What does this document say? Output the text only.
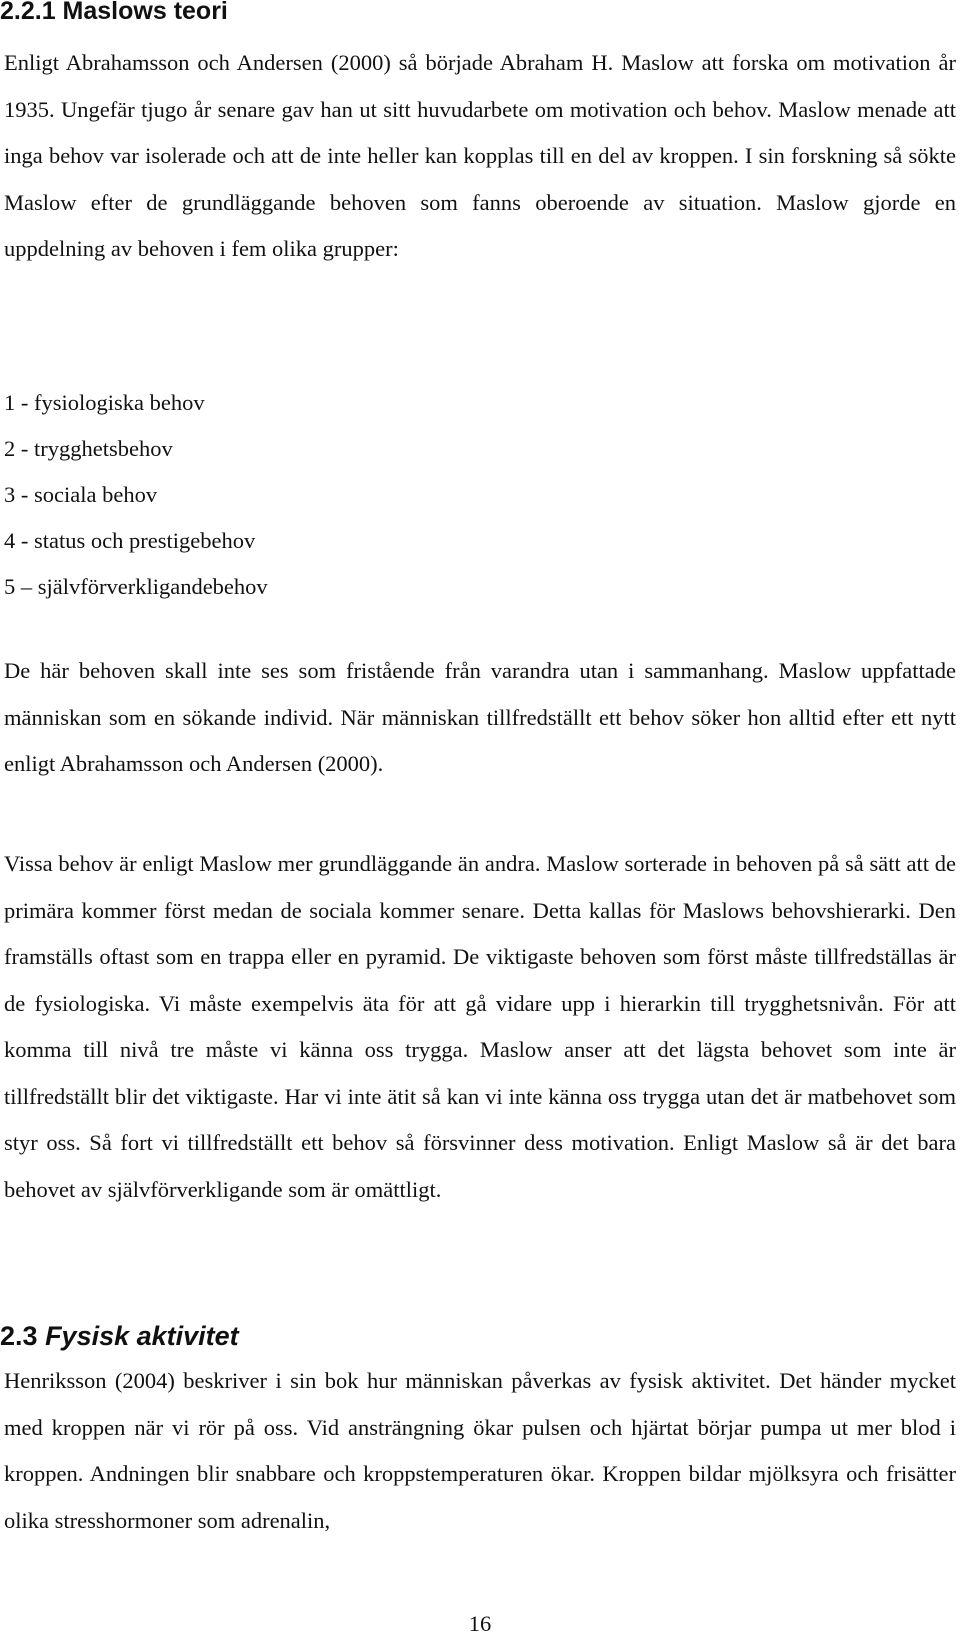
2.2.1 Maslows teori

Enligt Abrahamsson och Andersen (2000) så började Abraham H. Maslow att forska om motivation år 1935. Ungefär tjugo år senare gav han ut sitt huvudarbete om motivation och behov. Maslow menade att inga behov var isolerade och att de inte heller kan kopplas till en del av kroppen. I sin forskning så sökte Maslow efter de grundläggande behoven som fanns oberoende av situation. Maslow gjorde en uppdelning av behoven i fem olika grupper:

1 - fysiologiska behov
2 - trygghetsbehov
3 - sociala behov
4 - status och prestigebehov
5 – självförverkligandebehov

De här behoven skall inte ses som fristående från varandra utan i sammanhang. Maslow uppfattade människan som en sökande individ. När människan tillfredställt ett behov söker hon alltid efter ett nytt enligt Abrahamsson och Andersen (2000).

Vissa behov är enligt Maslow mer grundläggande än andra. Maslow sorterade in behoven på så sätt att de primära kommer först medan de sociala kommer senare. Detta kallas för Maslows behovshierarki. Den framställs oftast som en trappa eller en pyramid. De viktigaste behoven som först måste tillfredställas är de fysiologiska. Vi måste exempelvis äta för att gå vidare upp i hierarkin till trygghetsnivån. För att komma till nivå tre måste vi känna oss trygga. Maslow anser att det lägsta behovet som inte är tillfredställt blir det viktigaste. Har vi inte ätit så kan vi inte känna oss trygga utan det är matbehovet som styr oss. Så fort vi tillfredställt ett behov så försvinner dess motivation. Enligt Maslow så är det bara behovet av självförverkligande som är omättligt.

2.3 Fysisk aktivitet

Henriksson (2004) beskriver i sin bok hur människan påverkas av fysisk aktivitet. Det händer mycket med kroppen när vi rör på oss. Vid ansträngning ökar pulsen och hjärtat börjar pumpa ut mer blod i kroppen. Andningen blir snabbare och kroppstemperaturen ökar. Kroppen bildar mjölksyra och frisätter olika stresshormoner som adrenalin,

16
